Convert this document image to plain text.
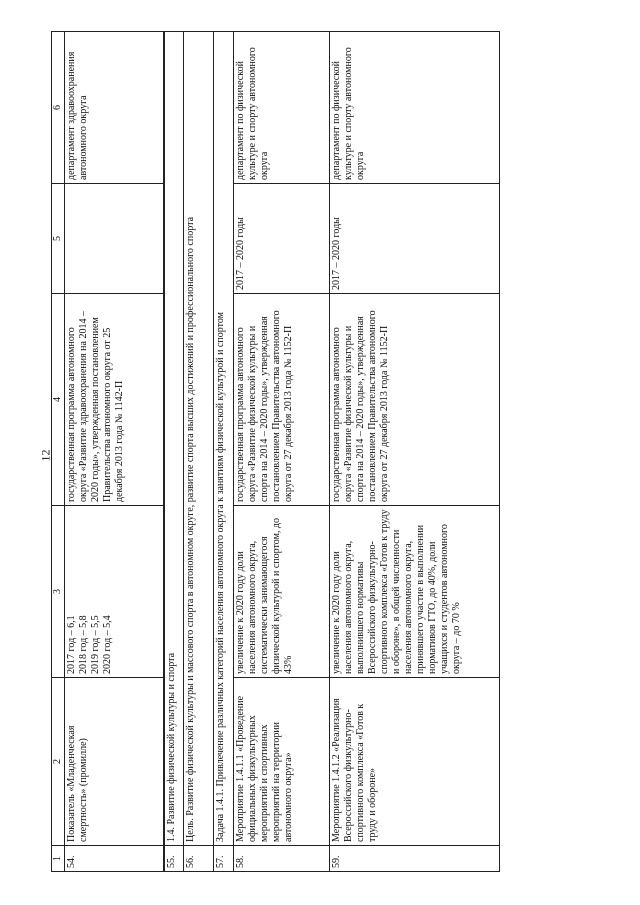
12
1	2	3	4	5	6
54.	Показатель «Младенческая смертность» (промилле)	2017 год – 6,1 2018 год – 5,8 2019 год – 5,5 2020 год – 5,4	государственная программа автономного округа «Развитие здравоохранения на 2014 – 2020 годы», утвержденная постановлением Правительства автономного округа от 25 декабря 2013 года № 1142-П		департамент здравоохранения автономного округа
55.	1.4. Развитие физической культуры и спорта				
56.	Цель. Развитие физической культуры и массового спорта в автономном округе, развитие спорта высших достижений и профессионального спорта				
57.	Задача 1.4.1. Привлечение различных категорий населения автономного округа к занятиям физической культурой и спортом				
58.	Мероприятие 1.4.1.1 «Проведение официальных физкультурных мероприятий и спортивных мероприятий на территории автономного округа»	увеличение к 2020 году доли населения автономного округа, систематически занимающегося физической культурой и спортом, до 43%	государственная программа автономного округа «Развитие физической культуры и спорта на 2014 – 2020 годы», утвержденная постановлением Правительства автономного округа от 27 декабря 2013 года № 1152-П	2017 – 2020 годы	департамент по физической культуре и спорту автономного округа
59.	Мероприятие 1.4.1.2 «Реализация Всероссийского физкультурно-спортивного комплекса «Готов к труду и обороне»	увеличение к 2020 году доли населения автономного округа, выполнившего нормативы Всероссийского физкультурно-спортивного комплекса «Готов к труду и обороне», в общей численности населения автономного округа, принявшего участие в выполнении нормативов ГТО, до 40%, доли учащихся и студентов автономного округа – до 70 %	государственная программа автономного округа «Развитие физической культуры и спорта на 2014 – 2020 годы», утвержденная постановлением Правительства автономного округа от 27 декабря 2013 года № 1152-П	2017 – 2020 годы	департамент по физической культуре и спорту автономного округа
